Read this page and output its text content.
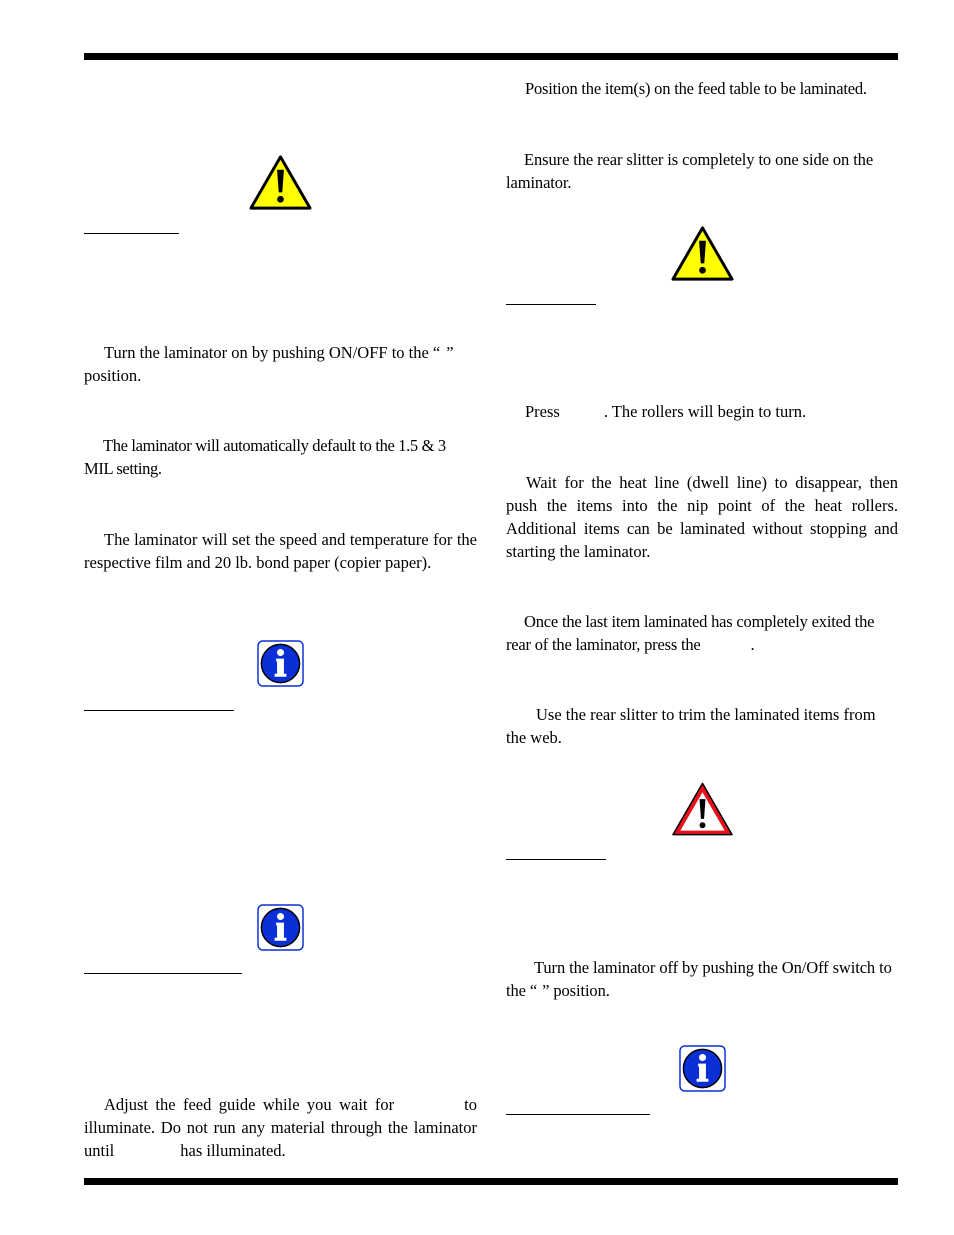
Turn the laminator on by pushing ON/OFF to the “ ” position.

The laminator will automatically default to the 1.5 & 3 MIL setting.

The laminator will set the speed and temperature for the respective film and 20 lb. bond paper (copier paper).

Adjust the feed guide while you wait for	to illuminate. Do not run any material through the laminator until	has illuminated.

Position the item(s) on the feed table to be laminated.

Ensure the rear slitter is completely to one side on the laminator.

Press	. The rollers will begin to turn.

Wait for the heat line (dwell line) to disappear, then push the items into the nip point of the heat rollers. Additional items can be laminated without stopping and starting the laminator.

Once the last item laminated has completely exited the rear of the laminator, press the	.

Use the rear slitter to trim the laminated items from the web.

Turn the laminator off by pushing the On/Off switch to the “ ” position.
